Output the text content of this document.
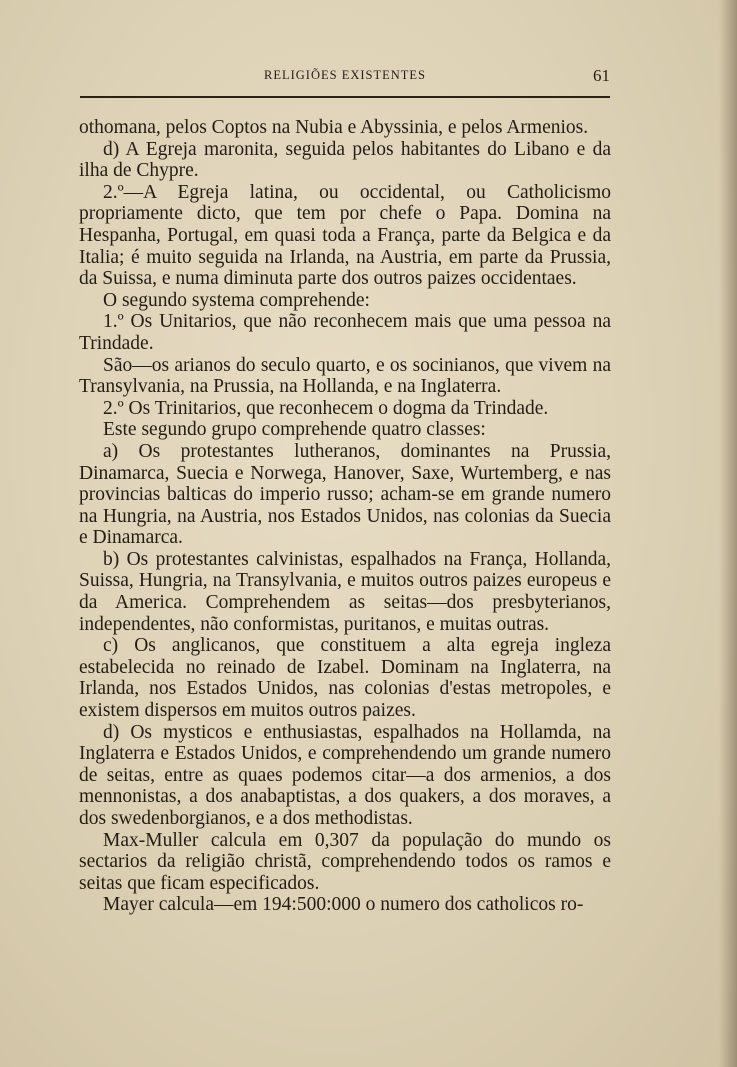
RELIGIÕES EXISTENTES	61

othomana, pelos Coptos na Nubia e Abyssinia, e pelos Armenios.

d) A Egreja maronita, seguida pelos habitantes do Libano e da ilha de Chypre.

2.º—A Egreja latina, ou occidental, ou Catholicismo propriamente dicto, que tem por chefe o Papa. Domina na Hespanha, Portugal, em quasi toda a França, parte da Belgica e da Italia; é muito seguida na Irlanda, na Austria, em parte da Prussia, da Suissa, e numa diminuta parte dos outros paizes occidentaes.

O segundo systema comprehende:

1.º Os Unitarios, que não reconhecem mais que uma pessoa na Trindade.

São—os arianos do seculo quarto, e os socinianos, que vivem na Transylvania, na Prussia, na Hollanda, e na Inglaterra.

2.º Os Trinitarios, que reconhecem o dogma da Trindade.

Este segundo grupo comprehende quatro classes:

a) Os protestantes lutheranos, dominantes na Prussia, Dinamarca, Suecia e Norwega, Hanover, Saxe, Wurtemberg, e nas provincias balticas do imperio russo; acham-se em grande numero na Hungria, na Austria, nos Estados Unidos, nas colonias da Suecia e Dinamarca.

b) Os protestantes calvinistas, espalhados na França, Hollanda, Suissa, Hungria, na Transylvania, e muitos outros paizes europeus e da America. Comprehendem as seitas—dos presbyterianos, independentes, não conformistas, puritanos, e muitas outras.

c) Os anglicanos, que constituem a alta egreja ingleza estabelecida no reinado de Izabel. Dominam na Inglaterra, na Irlanda, nos Estados Unidos, nas colonias d'estas metropoles, e existem dispersos em muitos outros paizes.

d) Os mysticos e enthusiastas, espalhados na Hollamda, na Inglaterra e Estados Unidos, e comprehendendo um grande numero de seitas, entre as quaes podemos citar—a dos armenios, a dos mennonistas, a dos anabaptistas, a dos quakers, a dos moraves, a dos swedenborgianos, e a dos methodistas.

Max-Muller calcula em 0,307 da população do mundo os sectarios da religião christã, comprehendendo todos os ramos e seitas que ficam especificados.

Mayer calcula—em 194:500:000 o numero dos catholicos ro-
